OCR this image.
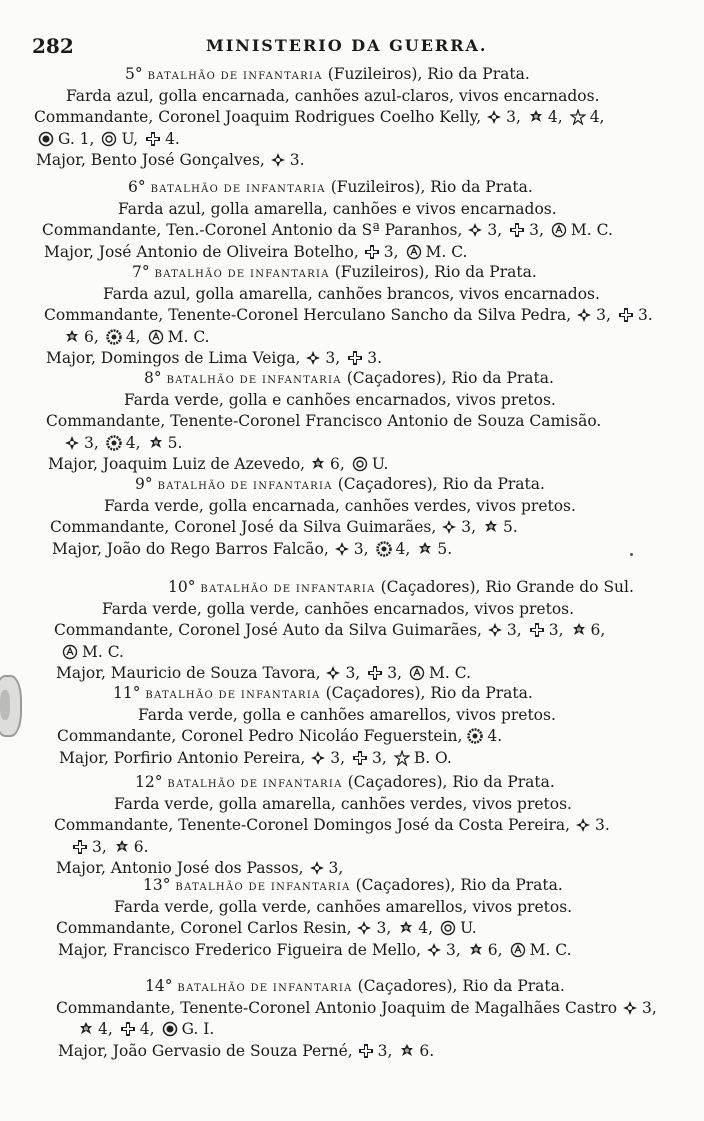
282	MINISTERIO DA GUERRA.
5° BATALHÃO DE INFANTARIA (Fuzileiros), Rio da Prata.
Farda azul, golla encarnada, canhões azul-claros, vivos encarnados.
Commandante, Coronel Joaquim Rodrigues Coelho Kelly, 3, 4, 4,
G. 1, U, 4.
Major, Bento José Gonçalves, 3.
6° BATALHÃO DE INFANTARIA (Fuzileiros), Rio da Prata.
Farda azul, golla amarella, canhões e vivos encarnados.
Commandante, Ten.-Coronel Antonio da Sª Paranhos, 3, 3, M. C.
Major, José Antonio de Oliveira Botelho, 3, M. C.
7° BATALHÃO DE INFANTARIA (Fuzileiros), Rio da Prata.
Farda azul, golla amarella, canhões brancos, vivos encarnados.
Commandante, Tenente-Coronel Herculano Sancho da Silva Pedra, 3, 3.
6, 4, M. C.
Major, Domingos de Lima Veiga, 3, 3.
8° BATALHÃO DE INFANTARIA (Caçadores), Rio da Prata.
Farda verde, golla e canhões encarnados, vivos pretos.
Commandante, Tenente-Coronel Francisco Antonio de Souza Camisão.
3, 4, 5.
Major, Joaquim Luiz de Azevedo, 6, U.
9° BATALHÃO DE INFANTARIA (Caçadores), Rio da Prata.
Farda verde, golla encarnada, canhões verdes, vivos pretos.
Commandante, Coronel José da Silva Guimarães, 3, 5.
Major, João do Rego Barros Falcão, 3, 4, 5.
10° BATALHÃO DE INFANTARIA (Caçadores), Rio Grande do Sul.
Farda verde, golla verde, canhões encarnados, vivos pretos.
Commandante, Coronel José Auto da Silva Guimarães, 3, 3, 6,
M. C.
Major, Mauricio de Souza Tavora, 3, 3, M. C.
11° BATALHÃO DE INFANTARIA (Caçadores), Rio da Prata.
Farda verde, golla e canhões amarellos, vivos pretos.
Commandante, Coronel Pedro Nicoláo Feguerstein, 4.
Major, Porfirio Antonio Pereira, 3, 3, B. O.
12° BATALHÃO DE INFANTARIA (Caçadores), Rio da Prata.
Farda verde, golla amarella, canhões verdes, vivos pretos.
Commandante, Tenente-Coronel Domingos José da Costa Pereira, 3.
3, 6.
Major, Antonio José dos Passos, 3,
13° BATALHÃO DE INFANTARIA (Caçadores), Rio da Prata.
Farda verde, golla verde, canhões amarellos, vivos pretos.
Commandante, Coronel Carlos Resin, 3, 4, U.
Major, Francisco Frederico Figueira de Mello, 3, 6, M. C.
14° BATALHÃO DE INFANTARIA (Caçadores), Rio da Prata.
Commandante, Tenente-Coronel Antonio Joaquim de Magalhães Castro 3,
4, 4, G. I.
Major, João Gervasio de Souza Perné, 3, 6.
